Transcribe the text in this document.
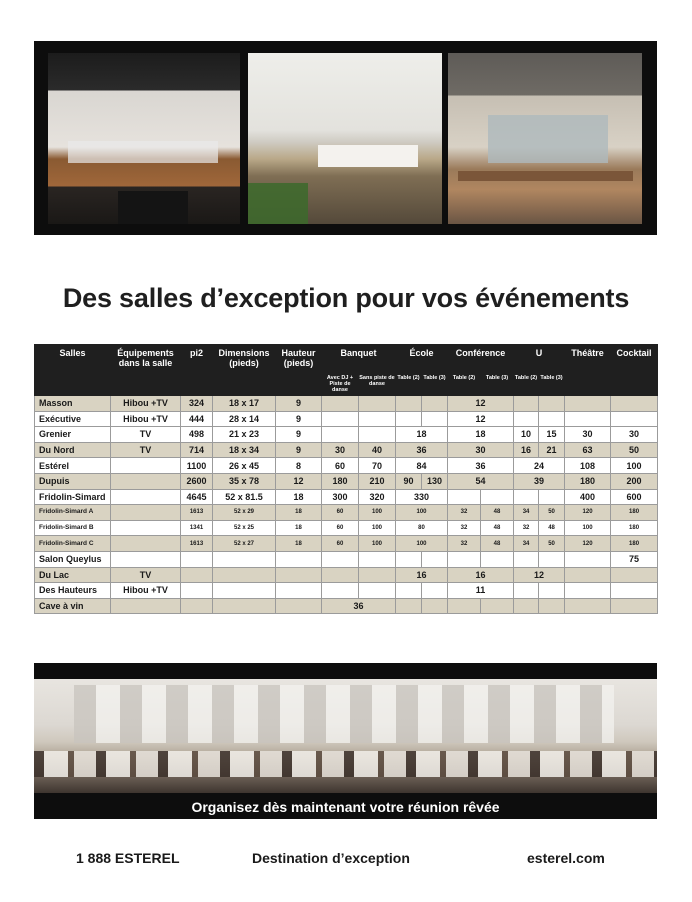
Des salles d’exception pour vos événements
Salles	Équipements dans la salle	pi2	Dimensions (pieds)	Hauteur (pieds)	Banquet		École		Conférence		U		Théâtre	Cocktail
					Avec DJ + Piste de danse	Sans piste de danse	Table (2)	Table (3)	Table (2)	Table (3)	Table (2)	Table (3)		
Masson	Hibou +TV	324	18 x 17	9					12					
Exécutive	Hibou +TV	444	28 x 14	9					12					
Grenier	TV	498	21 x 23	9			18		18		10	15	30	30
Du Nord	TV	714	18 x 34	9	30	40	36		30		16	21	63	50
Estérel		1100	26 x 45	8	60	70	84		36		24		108	100
Dupuis		2600	35 x 78	12	180	210	90	130	54		39		180	200
Fridolin-Simard		4645	52 x 81.5	18	300	320	330						400	600
Fridolin-Simard A		1613	52 x 29	18	60	100	100		32	48	34	50	120	180
Fridolin-Simard B		1341	52 x 25	18	60	100	80		32	48	32	48	100	180
Fridolin-Simard C		1613	52 x 27	18	60	100	100		32	48	34	50	120	180
Salon Queylus														75
Du Lac	TV						16		16		12			
Des Hauteurs	Hibou +TV								11					
Cave à vin					36									
Organisez dès maintenant votre réunion rêvée
1 888 ESTEREL	Destination d’exception	esterel.com
